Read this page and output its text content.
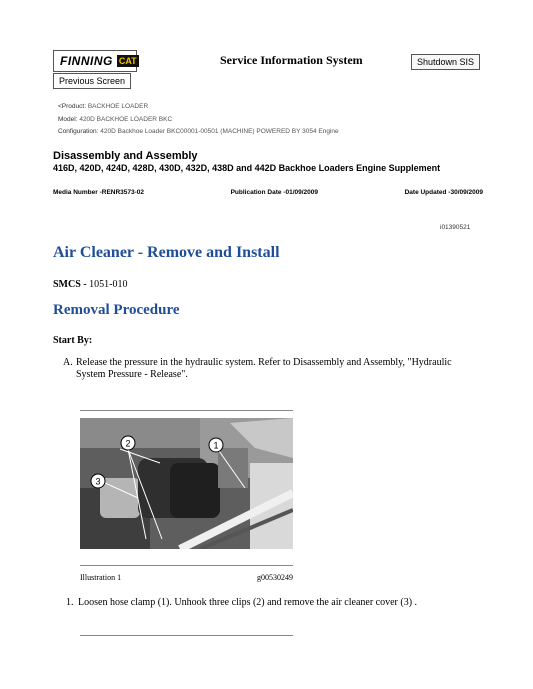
FINNING CAT
Previous Screen
Service Information System	Shutdown SIS
<Product: BACKHOE LOADER
Model: 420D BACKHOE LOADER BKC
Configuration: 420D Backhoe Loader BKC00001-00501 (MACHINE) POWERED BY 3054 Engine
Disassembly and Assembly
416D, 420D, 424D, 428D, 430D, 432D, 438D and 442D Backhoe Loaders Engine Supplement
Media Number -RENR3573-02	Publication Date -01/09/2009	Date Updated -30/09/2009
i01390521
Air Cleaner - Remove and Install
SMCS - 1051-010
Removal Procedure
Start By:
A. Release the pressure in the hydraulic system. Refer to Disassembly and Assembly, "Hydraulic System Pressure - Release".
2	1
3
Illustration 1	g00530249
1. Loosen hose clamp (1). Unhook three clips (2) and remove the air cleaner cover (3) .
